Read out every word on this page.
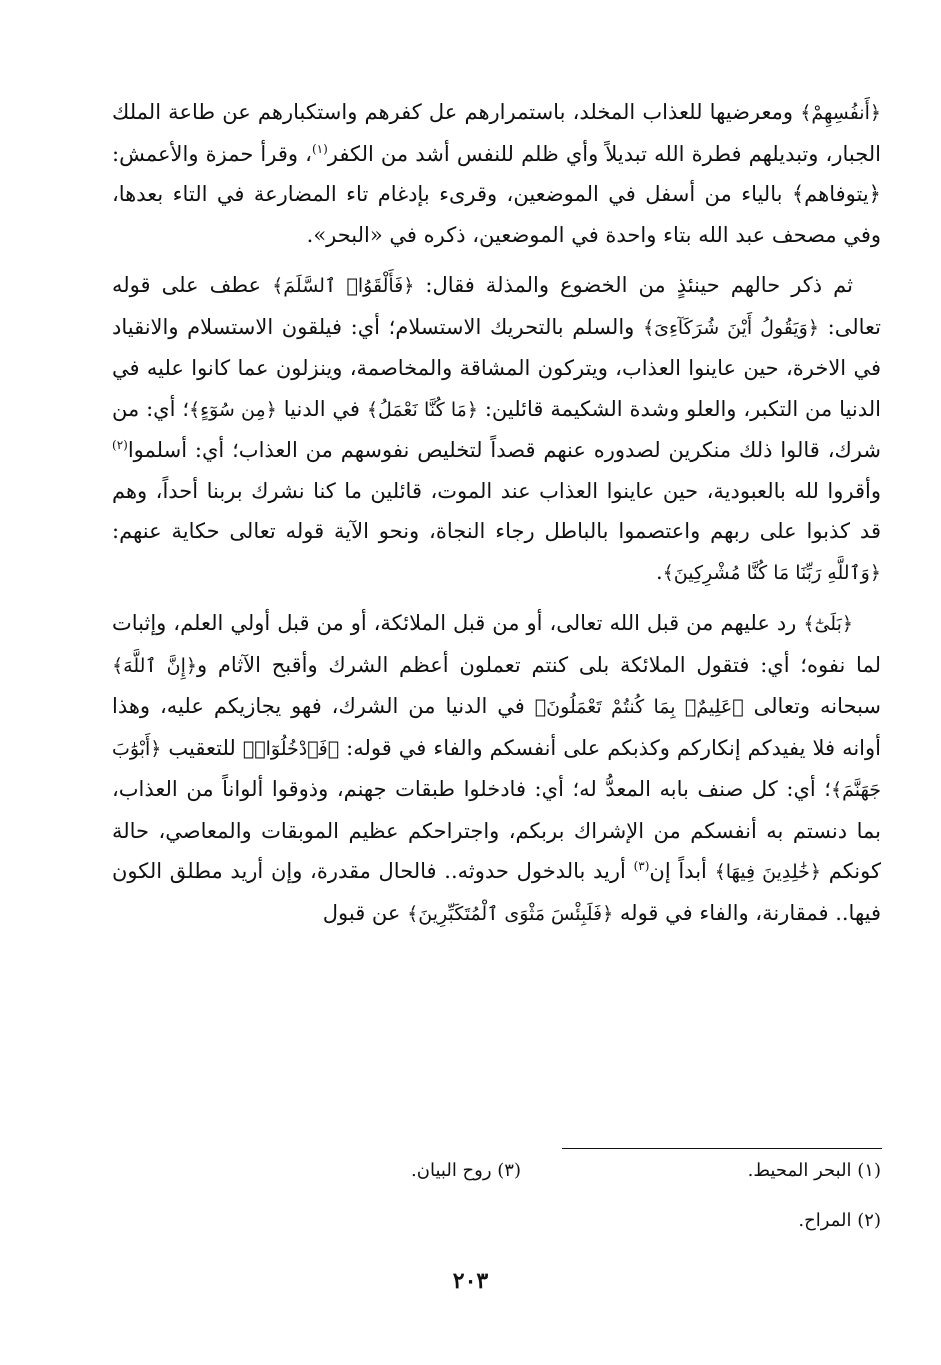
﴿أَنفُسِهِمْ﴾ ومعرضيها للعذاب المخلد، باستمرارهم عل كفرهم واستكبارهم عن طاعة الملك الجبار، وتبديلهم فطرة الله تبديلاً وأي ظلم للنفس أشد من الكفر$^{(١)}$، وقرأ حمزة والأعمش: ﴿يتوفاهم﴾ بالياء من أسفل في الموضعين، وقرىء بإدغام تاء المضارعة في التاء بعدها، وفي مصحف عبد الله بتاء واحدة في الموضعين، ذكره في «البحر».

ثم ذكر حالهم حينئذٍ من الخضوع والمذلة فقال: ﴿فَأَلْقَوُا۟ ٱلسَّلَمَ﴾ عطف على قوله تعالى: ﴿وَيَقُولُ أَيْنَ شُرَكَآءِىَ﴾ والسلم بالتحريك الاستسلام؛ أي: فيلقون الاستسلام والانقياد في الاخرة، حين عاينوا العذاب، ويتركون المشاقة والمخاصمة، وينزلون عما كانوا عليه في الدنيا من التكبر، والعلو وشدة الشكيمة قائلين: ﴿مَا كُنَّا نَعْمَلُ﴾ في الدنيا ﴿مِن سُوٓءٍ﴾؛ أي: من شرك، قالوا ذلك منكرين لصدوره عنهم قصداً لتخليص نفوسهم من العذاب؛ أي: أسلموا$^{(٢)}$ وأقروا لله بالعبودية، حين عاينوا العذاب عند الموت، قائلين ما كنا نشرك بربنا أحداً، وهم قد كذبوا على ربهم واعتصموا بالباطل رجاء النجاة، ونحو الآية قوله تعالى حكاية عنهم: ﴿وَٱللَّهِ رَبِّنَا مَا كُنَّا مُشْرِكِينَ﴾.

﴿بَلَىٰٓ﴾ رد عليهم من قبل الله تعالى، أو من قبل الملائكة، أو من قبل أولي العلم، وإثبات لما نفوه؛ أي: فتقول الملائكة بلى كنتم تعملون أعظم الشرك وأقبح الآثام و﴿إِنَّ ٱللَّهَ﴾ سبحانه وتعالى ﴿عَلِيمٌۢ بِمَا كُنتُمْ تَعْمَلُونَ﴾ في الدنيا من الشرك، فهو يجازيكم عليه، وهذا أوانه فلا يفيدكم إنكاركم وكذبكم على أنفسكم والفاء في قوله: ﴿فَٱدْخُلُوٓا۟﴾ للتعقيب ﴿أَبْوَٰبَ جَهَنَّمَ﴾؛ أي: كل صنف بابه المعدُّ له؛ أي: فادخلوا طبقات جهنم، وذوقوا ألواناً من العذاب، بما دنستم به أنفسكم من الإشراك بربكم، واجتراحكم عظيم الموبقات والمعاصي، حالة كونكم ﴿خَٰلِدِينَ فِيهَا﴾ أبداً إن$^{(٣)}$ أريد بالدخول حدوثه.. فالحال مقدرة، وإن أريد مطلق الكون فيها.. فمقارنة، والفاء في قوله ﴿فَلَبِئْسَ مَثْوَى ٱلْمُتَكَبِّرِينَ﴾ عن قبول

(١) البحر المحيط.
(٣) روح البيان.
(٢) المراح.
٢٠٣
